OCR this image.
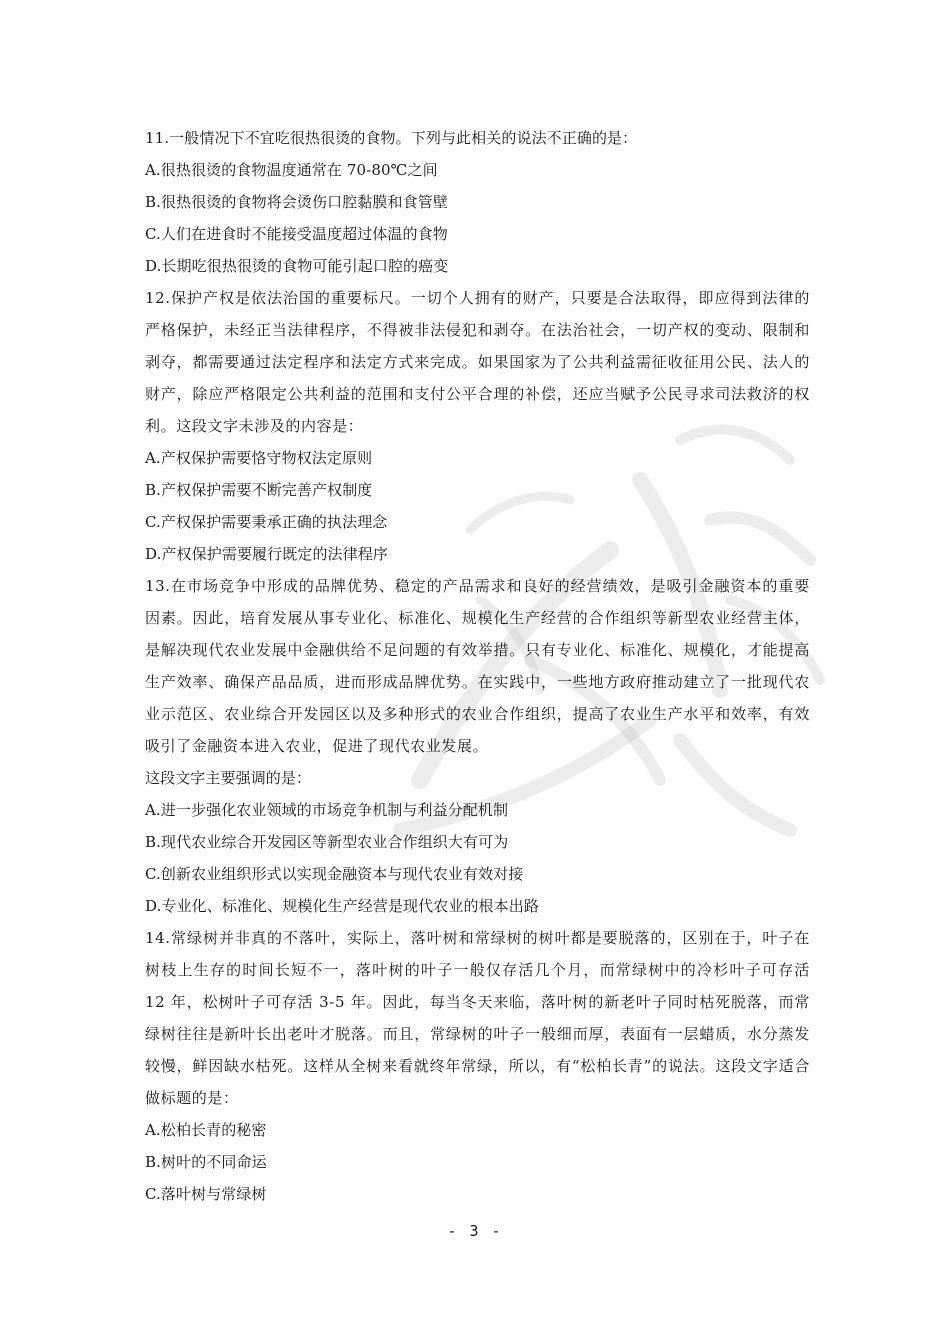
11.一般情况下不宜吃很热很烫的食物。下列与此相关的说法不正确的是：
A.很热很烫的食物温度通常在 70-80℃之间
B.很热很烫的食物将会烫伤口腔黏膜和食管壁
C.人们在进食时不能接受温度超过体温的食物
D.长期吃很热很烫的食物可能引起口腔的癌变
12.保护产权是依法治国的重要标尺。一切个人拥有的财产，只要是合法取得，即应得到法律的严格保护，未经正当法律程序，不得被非法侵犯和剥夺。在法治社会，一切产权的变动、限制和剥夺，都需要通过法定程序和法定方式来完成。如果国家为了公共利益需征收征用公民、法人的财产，除应严格限定公共利益的范围和支付公平合理的补偿，还应当赋予公民寻求司法救济的权利。这段文字未涉及的内容是：
A.产权保护需要恪守物权法定原则
B.产权保护需要不断完善产权制度
C.产权保护需要秉承正确的执法理念
D.产权保护需要履行既定的法律程序
13.在市场竞争中形成的品牌优势、稳定的产品需求和良好的经营绩效，是吸引金融资本的重要因素。因此，培育发展从事专业化、标准化、规模化生产经营的合作组织等新型农业经营主体，是解决现代农业发展中金融供给不足问题的有效举措。只有专业化、标准化、规模化，才能提高生产效率、确保产品品质，进而形成品牌优势。在实践中，一些地方政府推动建立了一批现代农业示范区、农业综合开发园区以及多种形式的农业合作组织，提高了农业生产水平和效率，有效吸引了金融资本进入农业，促进了现代农业发展。
这段文字主要强调的是：
A.进一步强化农业领域的市场竞争机制与利益分配机制
B.现代农业综合开发园区等新型农业合作组织大有可为
C.创新农业组织形式以实现金融资本与现代农业有效对接
D.专业化、标准化、规模化生产经营是现代农业的根本出路
14.常绿树并非真的不落叶，实际上，落叶树和常绿树的树叶都是要脱落的，区别在于，叶子在树枝上生存的时间长短不一，落叶树的叶子一般仅存活几个月，而常绿树中的冷杉叶子可存活 12 年，松树叶子可存活 3-5 年。因此，每当冬天来临，落叶树的新老叶子同时枯死脱落，而常绿树往往是新叶长出老叶才脱落。而且，常绿树的叶子一般细而厚，表面有一层蜡质，水分蒸发较慢，鲜因缺水枯死。这样从全树来看就终年常绿，所以，有“松柏长青”的说法。这段文字适合做标题的是：
A.松柏长青的秘密
B.树叶的不同命运
C.落叶树与常绿树
- 3 -
